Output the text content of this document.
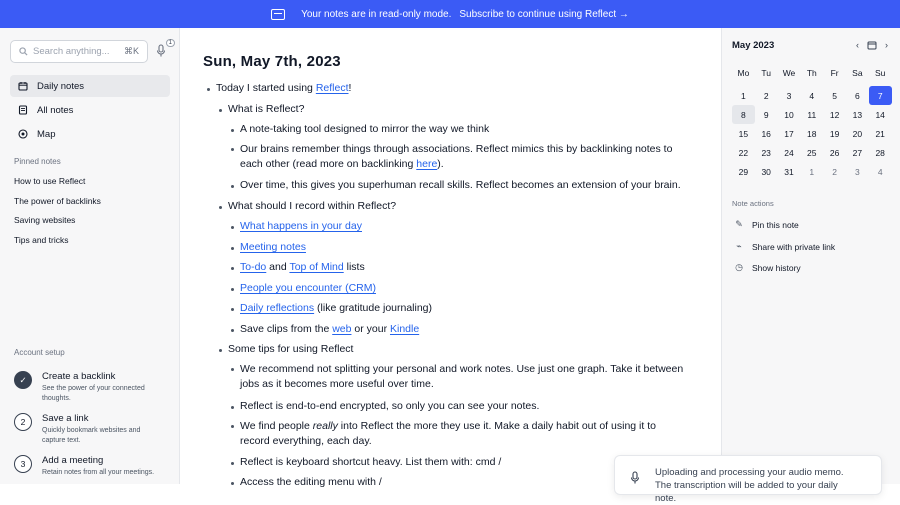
Your notes are in read-only mode. Subscribe to continue using Reflect →
Search anything... ⌘K
1
Daily notes
All notes
Map
Pinned notes
How to use Reflect
The power of backlinks
Saving websites
Tips and tricks
Account setup
✓	Create a backlink
See the power of your connected thoughts.
2	Save a link
Quickly bookmark websites and capture text.
3	Add a meeting
Retain notes from all your meetings.
Sun, May 7th, 2023
Today I started using Reflect!
What is Reflect?
A note-taking tool designed to mirror the way we think
Our brains remember things through associations. Reflect mimics this by backlinking notes to each other (read more on backlinking here).
Over time, this gives you superhuman recall skills. Reflect becomes an extension of your brain.
What should I record within Reflect?
What happens in your day
Meeting notes
To-do and Top of Mind lists
People you encounter (CRM)
Daily reflections (like gratitude journaling)
Save clips from the web or your Kindle
Some tips for using Reflect
We recommend not splitting your personal and work notes. Use just one graph. Take it between jobs as it becomes more useful over time.
Reflect is end-to-end encrypted, so only you can see your notes.
We find people really into Reflect the more they use it. Make a daily habit out of using it to record everything, each day.
Reflect is keyboard shortcut heavy. List them with: cmd /
Access the editing menu with /
May 2023	‹	›
Mo	Tu	We	Th	Fr	Sa	Su
1	2	3	4	5	6	7
8	9	10	11	12	13	14
15	16	17	18	19	20	21
22	23	24	25	26	27	28
29	30	31	1	2	3	4
Note actions
✎ Pin this note
⌁ Share with private link
◷ Show history
Uploading and processing your audio memo. The transcription will be added to your daily note.
